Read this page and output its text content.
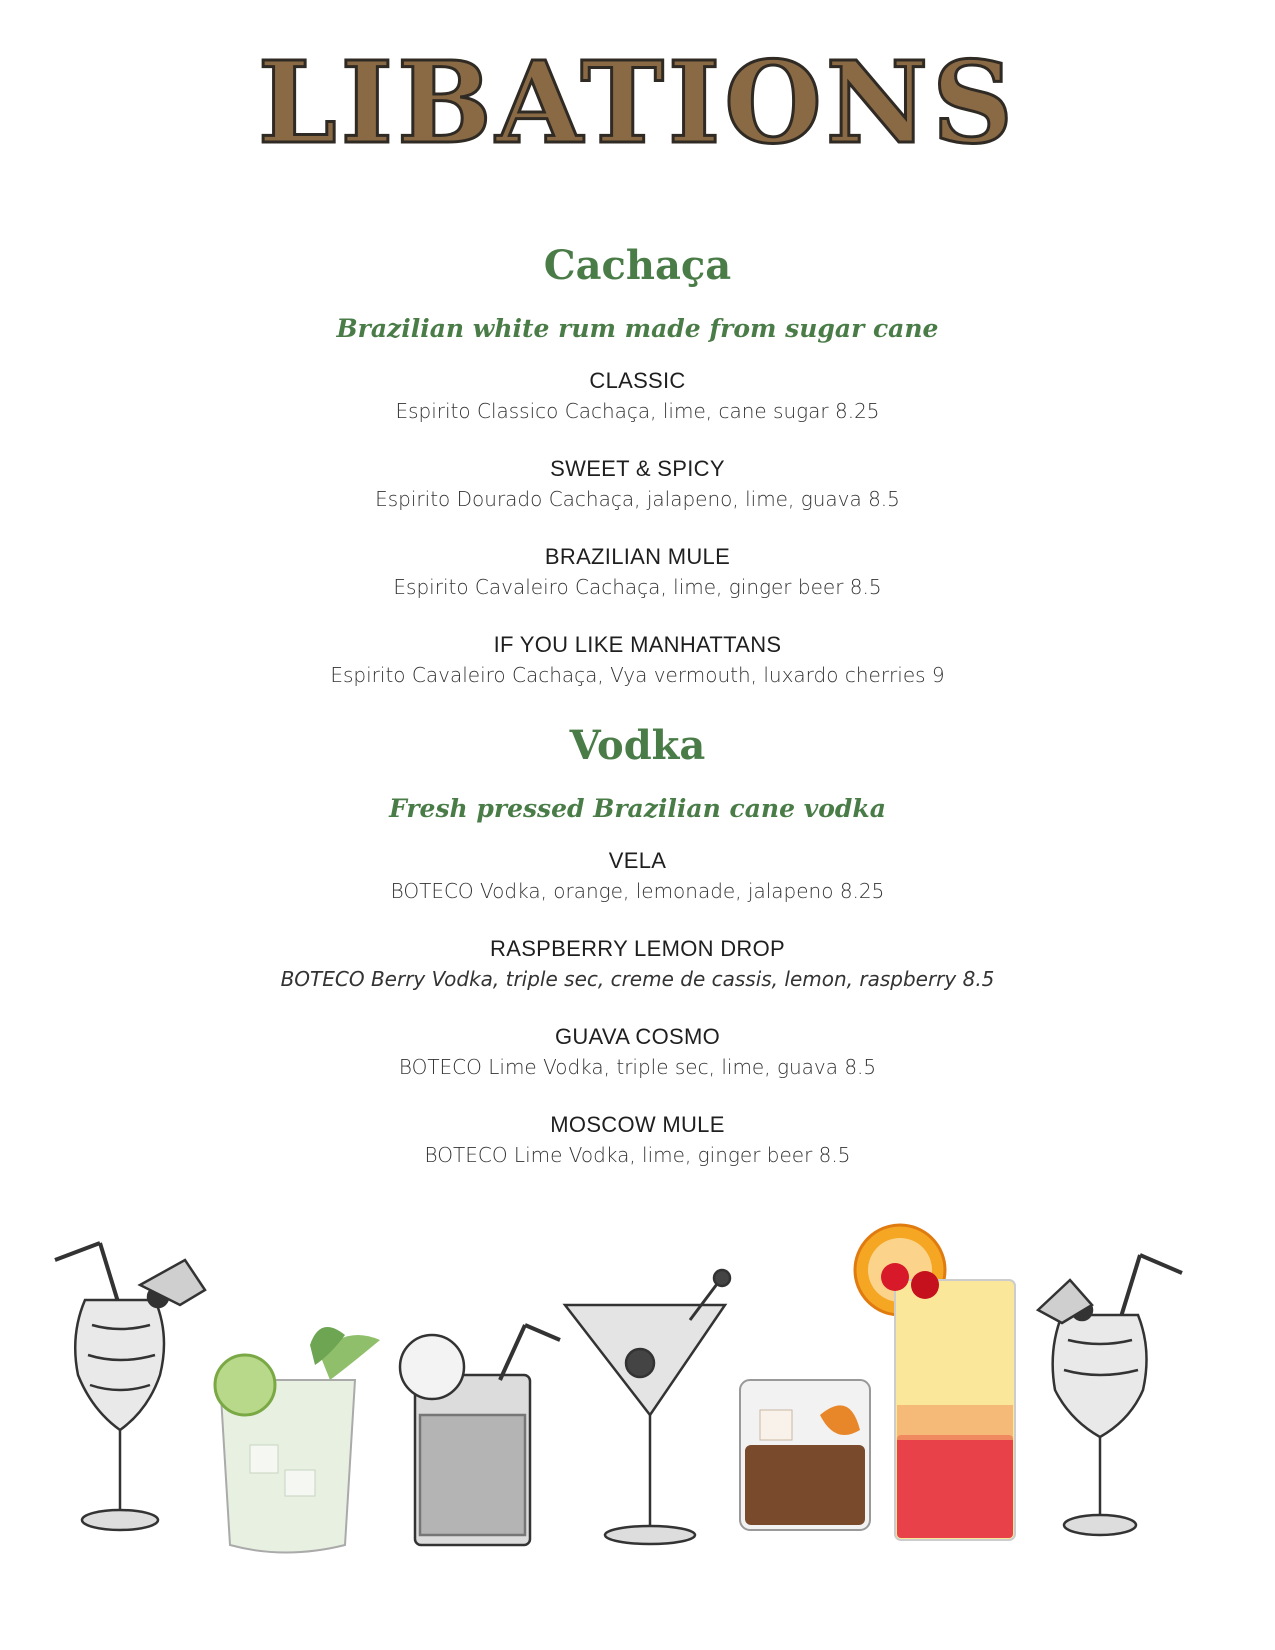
LIBATIONS
Cachaça
Brazilian white rum made from sugar cane
CLASSIC
Espirito Classico Cachaça, lime, cane sugar 8.25
SWEET & SPICY
Espirito Dourado Cachaça, jalapeno, lime, guava 8.5
BRAZILIAN MULE
Espirito Cavaleiro Cachaça, lime, ginger beer 8.5
IF YOU LIKE MANHATTANS
Espirito Cavaleiro Cachaça, Vya vermouth, luxardo cherries 9
Vodka
Fresh pressed Brazilian cane vodka
VELA
BOTECO Vodka, orange, lemonade, jalapeno 8.25
RASPBERRY LEMON DROP
BOTECO Berry Vodka, triple sec, creme de cassis, lemon, raspberry 8.5
GUAVA COSMO
BOTECO Lime Vodka, triple sec, lime, guava 8.5
MOSCOW MULE
BOTECO Lime Vodka, lime, ginger beer 8.5
